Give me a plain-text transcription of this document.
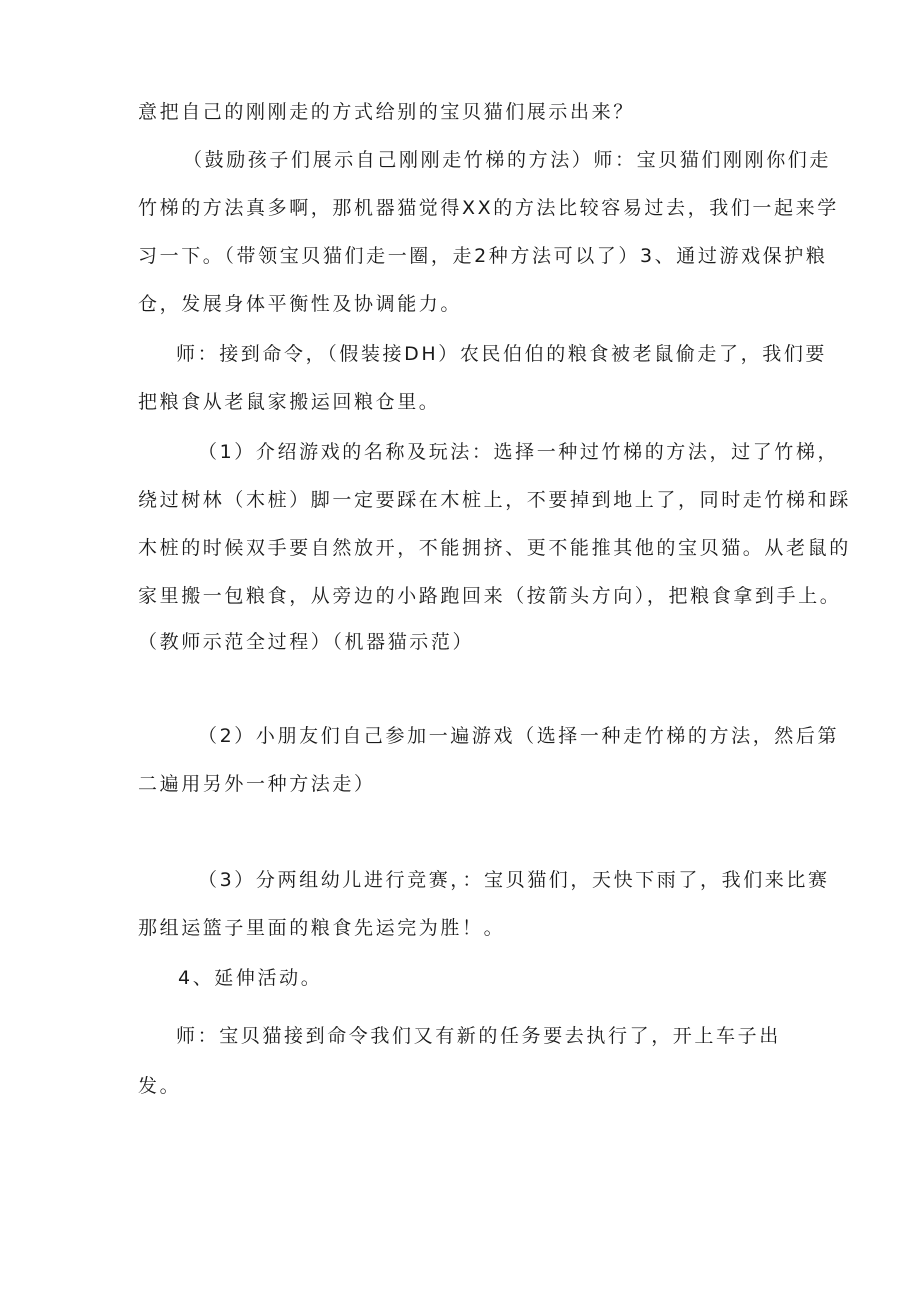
意把自己的刚刚走的方式给别的宝贝猫们展示出来？
（鼓励孩子们展示自己刚刚走竹梯的方法）师：宝贝猫们刚刚你们走
竹梯的方法真多啊，那机器猫觉得XX的方法比较容易过去，我们一起来学
习一下。（带领宝贝猫们走一圈，走2种方法可以了）3、通过游戏保护粮
仓，发展身体平衡性及协调能力。
师：接到命令，（假装接DH）农民伯伯的粮食被老鼠偷走了，我们要
把粮食从老鼠家搬运回粮仓里。
（1）介绍游戏的名称及玩法：选择一种过竹梯的方法，过了竹梯，
绕过树林（木桩）脚一定要踩在木桩上，不要掉到地上了，同时走竹梯和踩
木桩的时候双手要自然放开，不能拥挤、更不能推其他的宝贝猫。从老鼠的
家里搬一包粮食，从旁边的小路跑回来（按箭头方向），把粮食拿到手上。
（教师示范全过程）（机器猫示范）
（2）小朋友们自己参加一遍游戏（选择一种走竹梯的方法，然后第
二遍用另外一种方法走）
（3）分两组幼儿进行竞赛，：宝贝猫们，天快下雨了，我们来比赛
那组运篮子里面的粮食先运完为胜！。
4、延伸活动。
师：宝贝猫接到命令我们又有新的任务要去执行了，开上车子出
发。
